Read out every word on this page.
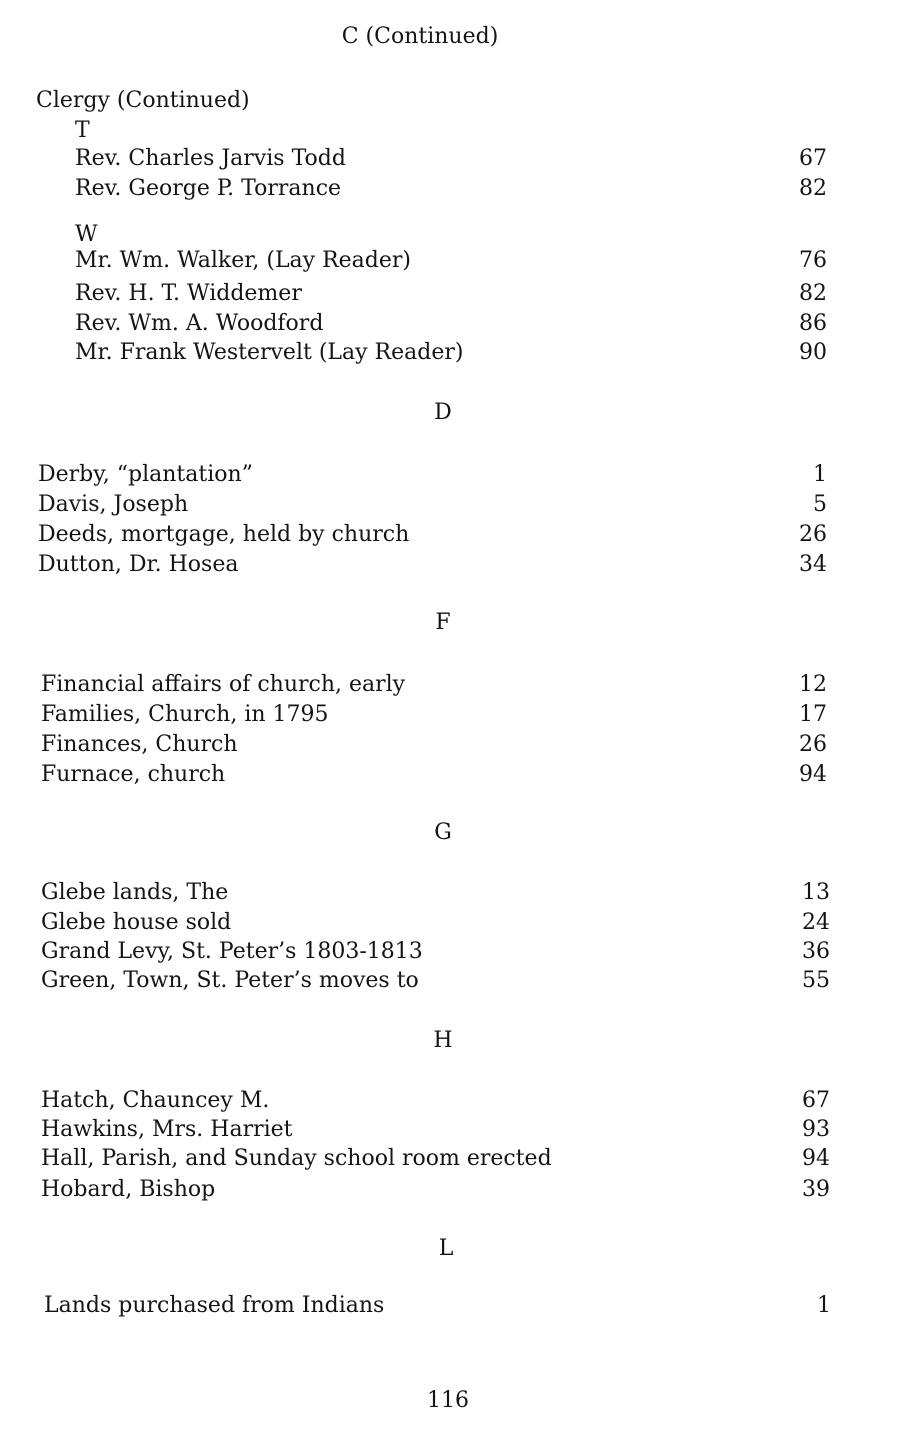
C (Continued)
Clergy (Continued)
T
Rev. Charles Jarvis Todd	67
Rev. George P. Torrance	82
W
Mr. Wm. Walker, (Lay Reader)	76
Rev. H. T. Widdemer	82
Rev. Wm. A. Woodford	86
Mr. Frank Westervelt (Lay Reader)	90
D
Derby, “plantation”	1
Davis, Joseph	5
Deeds, mortgage, held by church	26
Dutton, Dr. Hosea	34
F
Financial affairs of church, early	12
Families, Church, in 1795	17
Finances, Church	26
Furnace, church	94
G
Glebe lands, The	13
Glebe house sold	24
Grand Levy, St. Peter’s 1803-1813	36
Green, Town, St. Peter’s moves to	55
H
Hatch, Chauncey M.	67
Hawkins, Mrs. Harriet	93
Hall, Parish, and Sunday school room erected	94
Hobard, Bishop	39
L
Lands purchased from Indians	1
116
